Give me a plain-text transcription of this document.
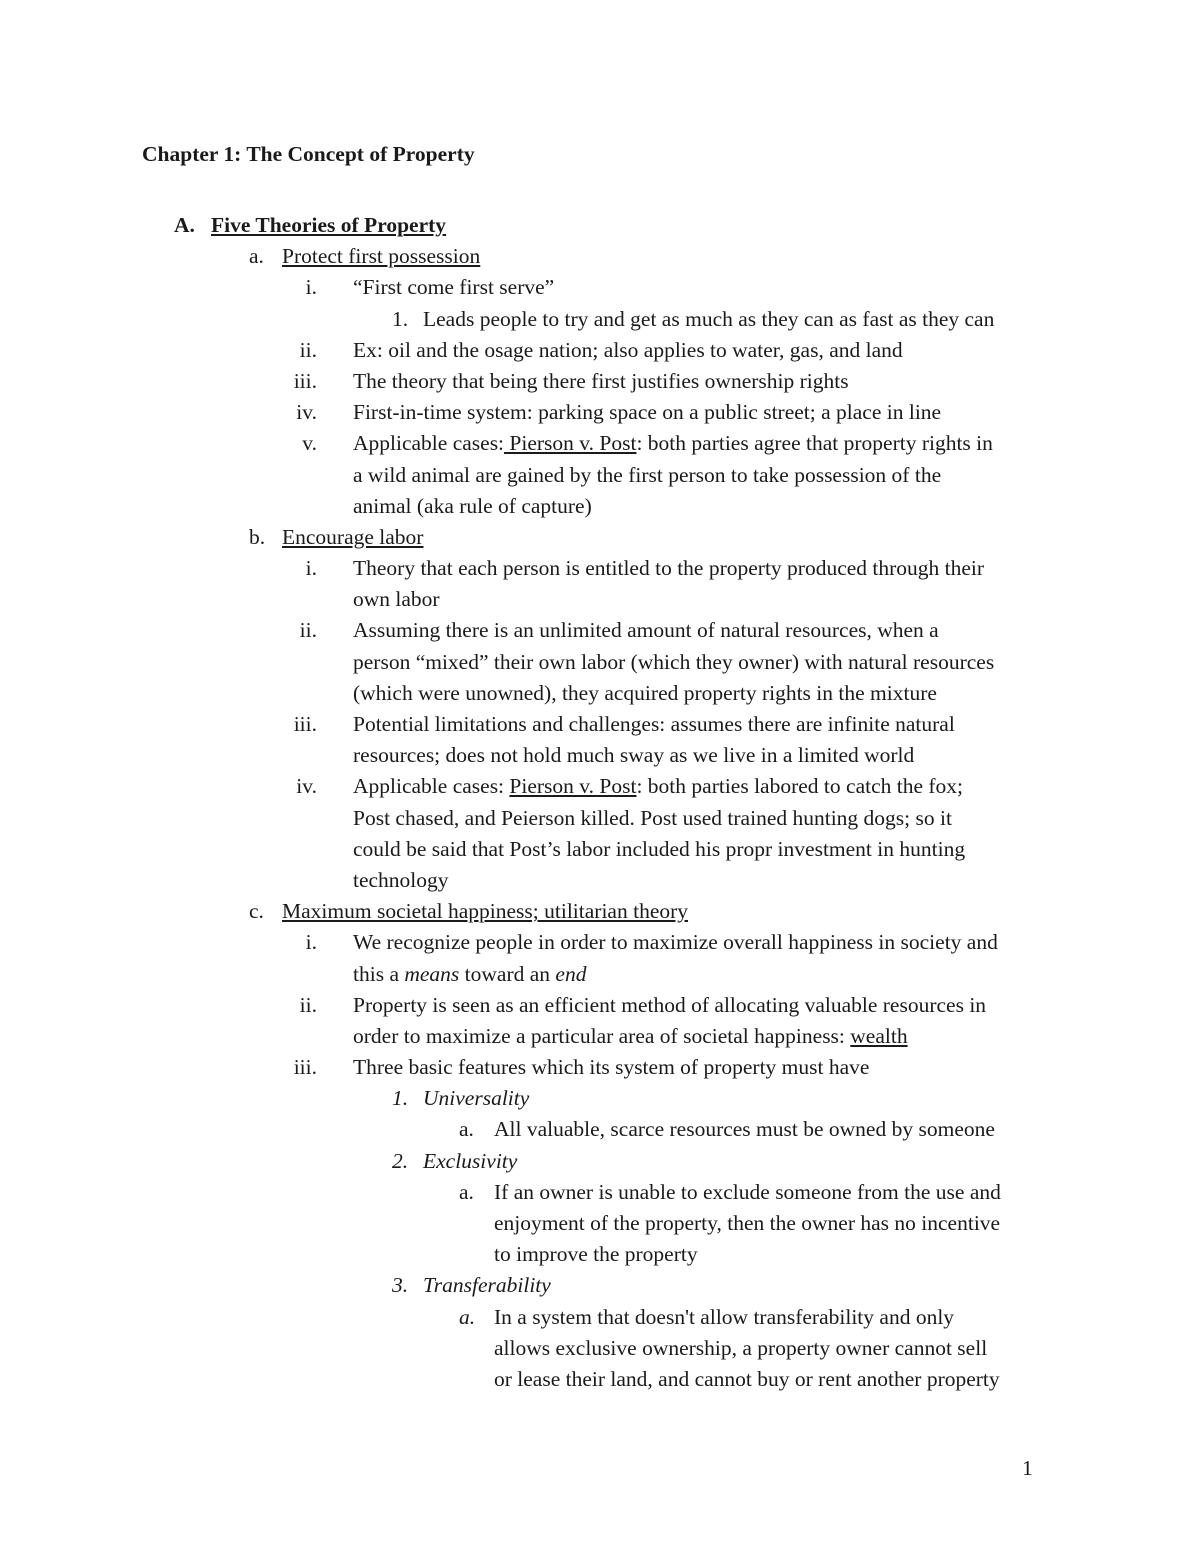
Chapter 1: The Concept of Property
A. Five Theories of Property
a. Protect first possession
i. “First come first serve”
1. Leads people to try and get as much as they can as fast as they can
ii. Ex: oil and the osage nation; also applies to water, gas, and land
iii. The theory that being there first justifies ownership rights
iv. First-in-time system: parking space on a public street; a place in line
v. Applicable cases: Pierson v. Post: both parties agree that property rights in
a wild animal are gained by the first person to take possession of the
animal (aka rule of capture)
b. Encourage labor
i. Theory that each person is entitled to the property produced through their
own labor
ii. Assuming there is an unlimited amount of natural resources, when a
person “mixed” their own labor (which they owner) with natural resources
(which were unowned), they acquired property rights in the mixture
iii. Potential limitations and challenges: assumes there are infinite natural
resources; does not hold much sway as we live in a limited world
iv. Applicable cases: Pierson v. Post: both parties labored to catch the fox;
Post chased, and Peierson killed. Post used trained hunting dogs; so it
could be said that Post’s labor included his propr investment in hunting
technology
c. Maximum societal happiness; utilitarian theory
i. We recognize people in order to maximize overall happiness in society and
this a means toward an end
ii. Property is seen as an efficient method of allocating valuable resources in
order to maximize a particular area of societal happiness: wealth
iii. Three basic features which its system of property must have
1. Universality
a. All valuable, scarce resources must be owned by someone
2. Exclusivity
a. If an owner is unable to exclude someone from the use and
enjoyment of the property, then the owner has no incentive
to improve the property
3. Transferability
a. In a system that doesn't allow transferability and only
allows exclusive ownership, a property owner cannot sell
or lease their land, and cannot buy or rent another property
1
